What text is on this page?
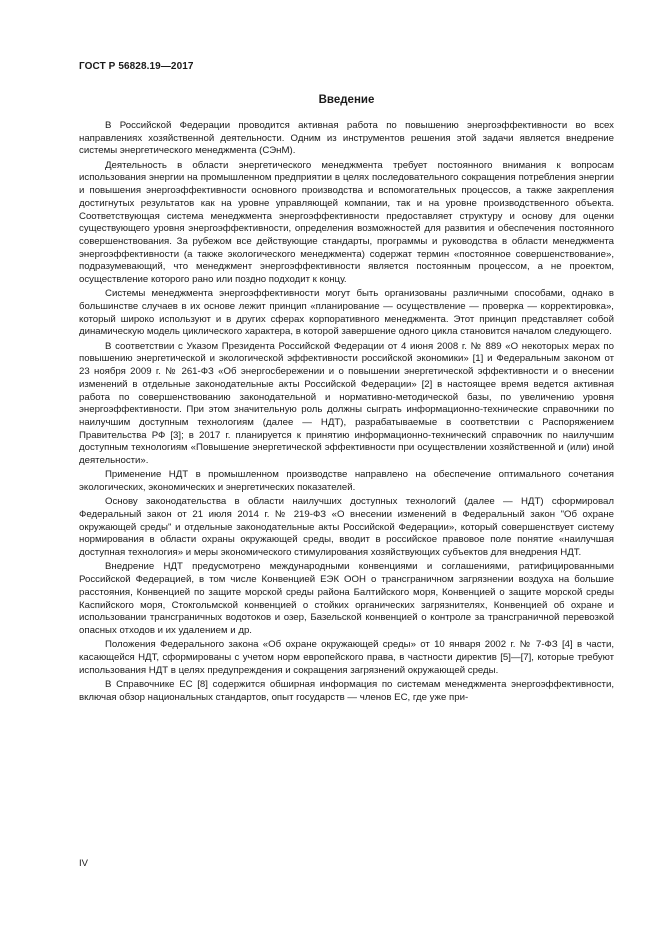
ГОСТ Р 56828.19—2017

Введение

В Российской Федерации проводится активная работа по повышению энергоэффективности во всех направлениях хозяйственной деятельности. Одним из инструментов решения этой задачи является внедрение системы энергетического менеджмента (СЭнМ).

Деятельность в области энергетического менеджмента требует постоянного внимания к вопросам использования энергии на промышленном предприятии в целях последовательного сокращения потребления энергии и повышения энергоэффективности основного производства и вспомогательных процессов, а также закрепления достигнутых результатов как на уровне управляющей компании, так и на уровне производственного объекта. Соответствующая система менеджмента энергоэффективности предоставляет структуру и основу для оценки существующего уровня энергоэффективности, определения возможностей для развития и обеспечения постоянного совершенствования. За рубежом все действующие стандарты, программы и руководства в области менеджмента энергоэффективности (а также экологического менеджмента) содержат термин «постоянное совершенствование», подразумевающий, что менеджмент энергоэффективности является постоянным процессом, а не проектом, осуществление которого рано или поздно подходит к концу.

Системы менеджмента энергоэффективности могут быть организованы различными способами, однако в большинстве случаев в их основе лежит принцип «планирование — осуществление — проверка — корректировка», который широко используют и в других сферах корпоративного менеджмента. Этот принцип представляет собой динамическую модель циклического характера, в которой завершение одного цикла становится началом следующего.

В соответствии с Указом Президента Российской Федерации от 4 июня 2008 г. № 889 «О некоторых мерах по повышению энергетической и экологической эффективности российской экономики» [1] и Федеральным законом от 23 ноября 2009 г. № 261-ФЗ «Об энергосбережении и о повышении энергетической эффективности и о внесении изменений в отдельные законодательные акты Российской Федерации» [2] в настоящее время ведется активная работа по совершенствованию законодательной и нормативно-методической базы, по увеличению уровня энергоэффективности. При этом значительную роль должны сыграть информационно-технические справочники по наилучшим доступным технологиям (далее — НДТ), разрабатываемые в соответствии с Распоряжением Правительства РФ [3]; в 2017 г. планируется к принятию информационно-технический справочник по наилучшим доступным технологиям «Повышение энергетической эффективности при осуществлении хозяйственной и (или) иной деятельности».

Применение НДТ в промышленном производстве направлено на обеспечение оптимального сочетания экологических, экономических и энергетических показателей.

Основу законодательства в области наилучших доступных технологий (далее — НДТ) сформировал Федеральный закон от 21 июля 2014 г. № 219-ФЗ «О внесении изменений в Федеральный закон "Об охране окружающей среды" и отдельные законодательные акты Российской Федерации», который совершенствует систему нормирования в области охраны окружающей среды, вводит в российское правовое поле понятие «наилучшая доступная технология» и меры экономического стимулирования хозяйствующих субъектов для внедрения НДТ.

Внедрение НДТ предусмотрено международными конвенциями и соглашениями, ратифицированными Российской Федерацией, в том числе Конвенцией ЕЭК ООН о трансграничном загрязнении воздуха на большие расстояния, Конвенцией по защите морской среды района Балтийского моря, Конвенцией о защите морской среды Каспийского моря, Стокгольмской конвенцией о стойких органических загрязнителях, Конвенцией об охране и использовании трансграничных водотоков и озер, Базельской конвенцией о контроле за трансграничной перевозкой опасных отходов и их удалением и др.

Положения Федерального закона «Об охране окружающей среды» от 10 января 2002 г. № 7-ФЗ [4] в части, касающейся НДТ, сформированы с учетом норм европейского права, в частности директив [5]—[7], которые требуют использования НДТ в целях предупреждения и сокращения загрязнений окружающей среды.

В Справочнике ЕС [8] содержится обширная информация по системам менеджмента энергоэффективности, включая обзор национальных стандартов, опыт государств — членов ЕС, где уже при-

IV
